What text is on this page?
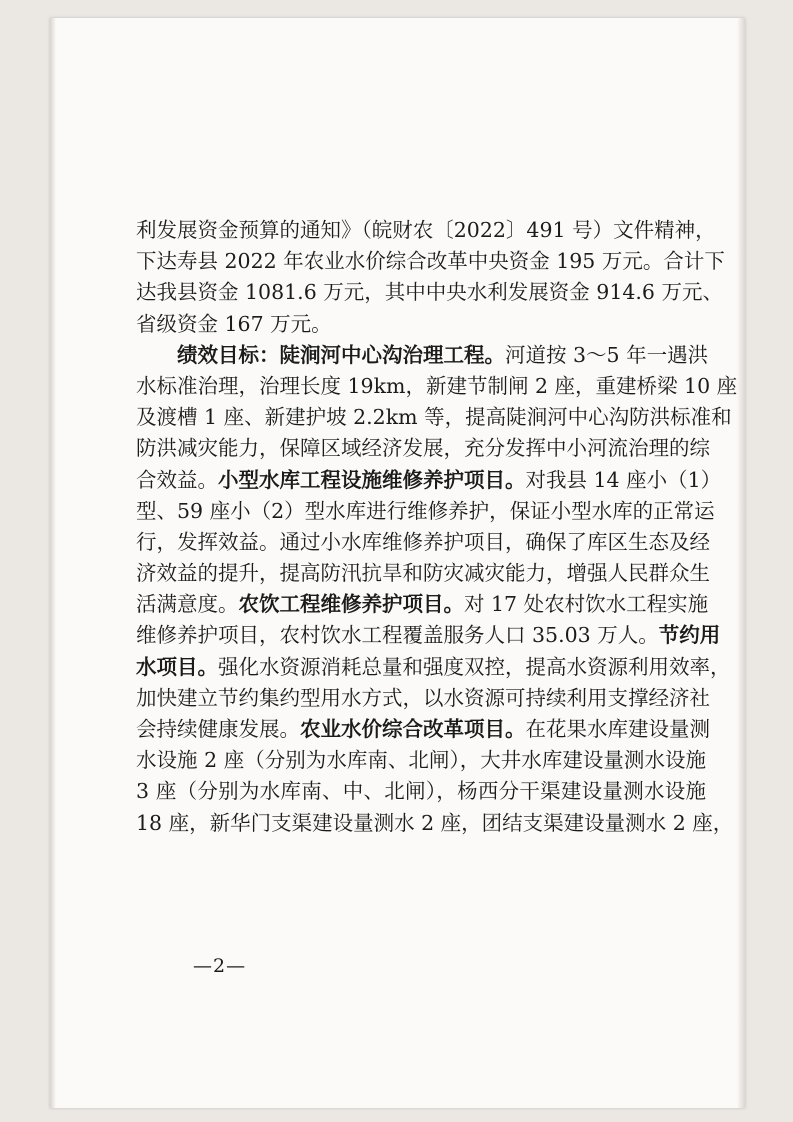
利发展资金预算的通知》（皖财农〔2022〕491 号）文件精神，
下达寿县 2022 年农业水价综合改革中央资金 195 万元。合计下
达我县资金 1081.6 万元，其中中央水利发展资金 914.6 万元、
省级资金 167 万元。
绩效目标：陡涧河中心沟治理工程。河道按 3～5 年一遇洪
水标准治理，治理长度 19km，新建节制闸 2 座，重建桥梁 10 座
及渡槽 1 座、新建护坡 2.2km 等，提高陡涧河中心沟防洪标准和
防洪减灾能力，保障区域经济发展，充分发挥中小河流治理的综
合效益。小型水库工程设施维修养护项目。对我县 14 座小（1）
型、59 座小（2）型水库进行维修养护，保证小型水库的正常运
行，发挥效益。通过小水库维修养护项目，确保了库区生态及经
济效益的提升，提高防汛抗旱和防灾减灾能力，增强人民群众生
活满意度。农饮工程维修养护项目。对 17 处农村饮水工程实施
维修养护项目，农村饮水工程覆盖服务人口 35.03 万人。节约用
水项目。强化水资源消耗总量和强度双控，提高水资源利用效率，
加快建立节约集约型用水方式，以水资源可持续利用支撑经济社
会持续健康发展。农业水价综合改革项目。在花果水库建设量测
水设施 2 座（分别为水库南、北闸），大井水库建设量测水设施
3 座（分别为水库南、中、北闸），杨西分干渠建设量测水设施
18 座，新华门支渠建设量测水 2 座，团结支渠建设量测水 2 座，
—2—
